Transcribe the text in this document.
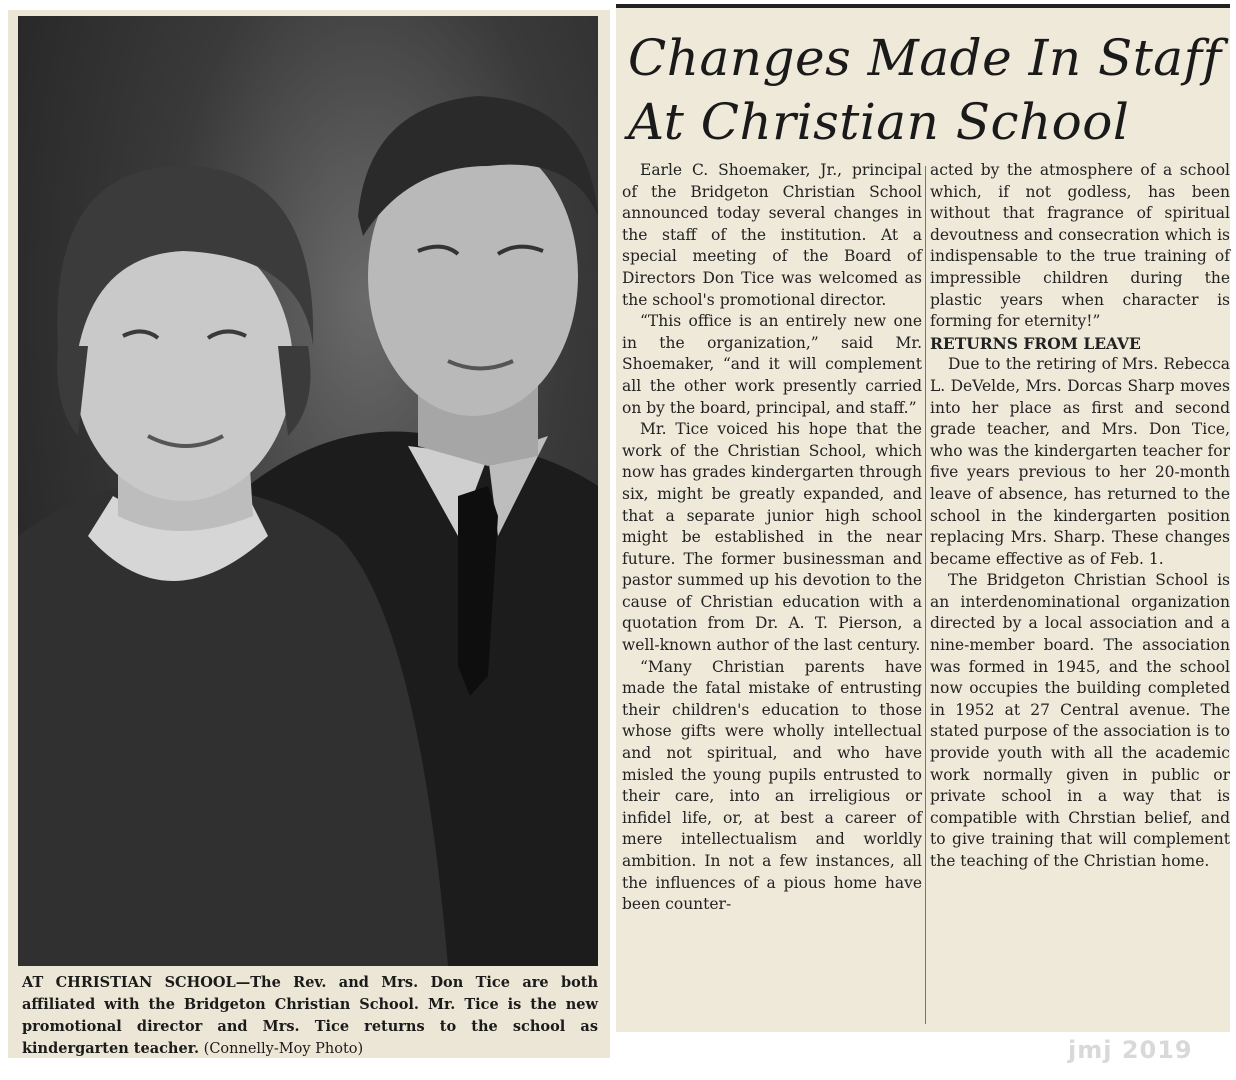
AT CHRISTIAN SCHOOL—The Rev. and Mrs. Don Tice are both affiliated with the Bridgeton Christian School. Mr. Tice is the new promotional director and Mrs. Tice returns to the school as kindergarten teacher. (Connelly-Moy Photo)
Changes Made In Staff
At Christian School

Earle C. Shoemaker, Jr., principal of the Bridgeton Christian School announced today several changes in the staff of the institution. At a special meeting of the Board of Directors Don Tice was welcomed as the school's promotional director.

“This office is an entirely new one in the organization,” said Mr. Shoemaker, “and it will complement all the other work presently carried on by the board, principal, and staff.”

Mr. Tice voiced his hope that the work of the Christian School, which now has grades kindergarten through six, might be greatly expanded, and that a separate junior high school might be established in the near future. The former businessman and pastor summed up his devotion to the cause of Christian education with a quotation from Dr. A. T. Pierson, a well-known author of the last century.

“Many Christian parents have made the fatal mistake of entrusting their children's education to those whose gifts were wholly intellectual and not spiritual, and who have misled the young pupils entrusted to their care, into an irreligious or infidel life, or, at best a career of mere intellectualism and worldly ambition. In not a few instances, all the influences of a pious home have been counter-

acted by the atmosphere of a school which, if not godless, has been without that fragrance of spiritual devoutness and consecration which is indispensable to the true training of impressible children during the plastic years when character is forming for eternity!”

RETURNS FROM LEAVE

Due to the retiring of Mrs. Rebecca L. DeVelde, Mrs. Dorcas Sharp moves into her place as first and second grade teacher, and Mrs. Don Tice, who was the kindergarten teacher for five years previous to her 20-month leave of absence, has returned to the school in the kindergarten position replacing Mrs. Sharp. These changes became effective as of Feb. 1.

The Bridgeton Christian School is an interdenominational organization directed by a local association and a nine-member board. The association was formed in 1945, and the school now occupies the building completed in 1952 at 27 Central avenue. The stated purpose of the association is to provide youth with all the academic work normally given in public or private school in a way that is compatible with Chrstian belief, and to give training that will complement the teaching of the Christian home.

jmj 2019
